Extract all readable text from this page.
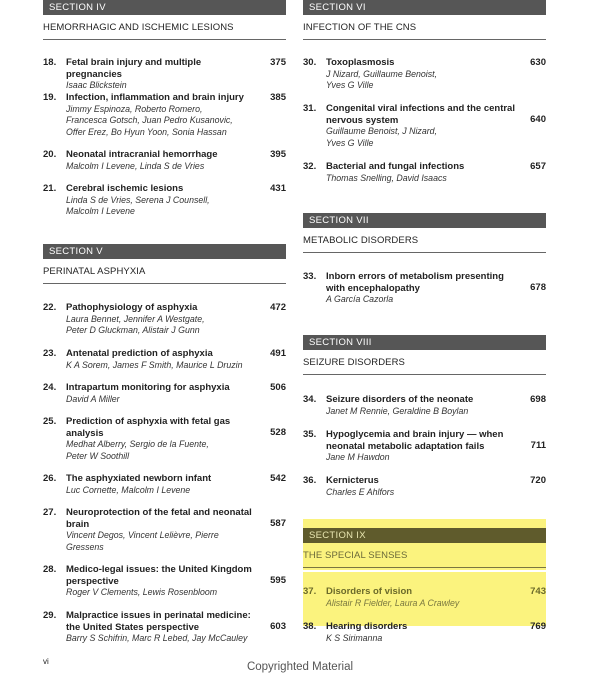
SECTION IV
HEMORRHAGIC AND ISCHEMIC LESIONS
18. Fetal brain injury and multiple pregnancies
Isaac Blickstein
375
19. Infection, inflammation and brain injury
Jimmy Espinoza, Roberto Romero,
Francesca Gotsch, Juan Pedro Kusanovic,
Offer Erez, Bo Hyun Yoon, Sonia Hassan
385
20. Neonatal intracranial hemorrhage
Malcolm I Levene, Linda S de Vries
395
21. Cerebral ischemic lesions
Linda S de Vries, Serena J Counsell,
Malcolm I Levene
431
SECTION V
PERINATAL ASPHYXIA
22. Pathophysiology of asphyxia
Laura Bennet, Jennifer A Westgate,
Peter D Gluckman, Alistair J Gunn
472
23. Antenatal prediction of asphyxia
K A Sorem, James F Smith, Maurice L Druzin
491
24. Intrapartum monitoring for asphyxia
David A Miller
506
25. Prediction of asphyxia with fetal gas
analysis
Medhat Alberry, Sergio de la Fuente,
Peter W Soothill
528
26. The asphyxiated newborn infant
Luc Cornette, Malcolm I Levene
542
27. Neuroprotection of the fetal and neonatal
brain
Vincent Degos, Vincent Lelièvre, Pierre
Gressens
587
28. Medico-legal issues: the United Kingdom
perspective
Roger V Clements, Lewis Rosenbloom
595
29. Malpractice issues in perinatal medicine:
the United States perspective
Barry S Schifrin, Marc R Lebed, Jay McCauley
603
SECTION VI
INFECTION OF THE CNS
30. Toxoplasmosis
J Nizard, Guillaume Benoist,
Yves G Ville
630
31. Congenital viral infections and the central
nervous system
Guillaume Benoist, J Nizard,
Yves G Ville
640
32. Bacterial and fungal infections
Thomas Snelling, David Isaacs
657
SECTION VII
METABOLIC DISORDERS
33. Inborn errors of metabolism presenting
with encephalopathy
A García Cazorla
678
SECTION VIII
SEIZURE DISORDERS
34. Seizure disorders of the neonate
Janet M Rennie, Geraldine B Boylan
698
35. Hypoglycemia and brain injury — when
neonatal metabolic adaptation fails
Jane M Hawdon
711
36. Kernicterus
Charles E Ahlfors
720
SECTION IX
THE SPECIAL SENSES
37. Disorders of vision
Alistair R Fielder, Laura A Crawley
743
38. Hearing disorders
K S Sirimanna
769
vi	Copyrighted Material
